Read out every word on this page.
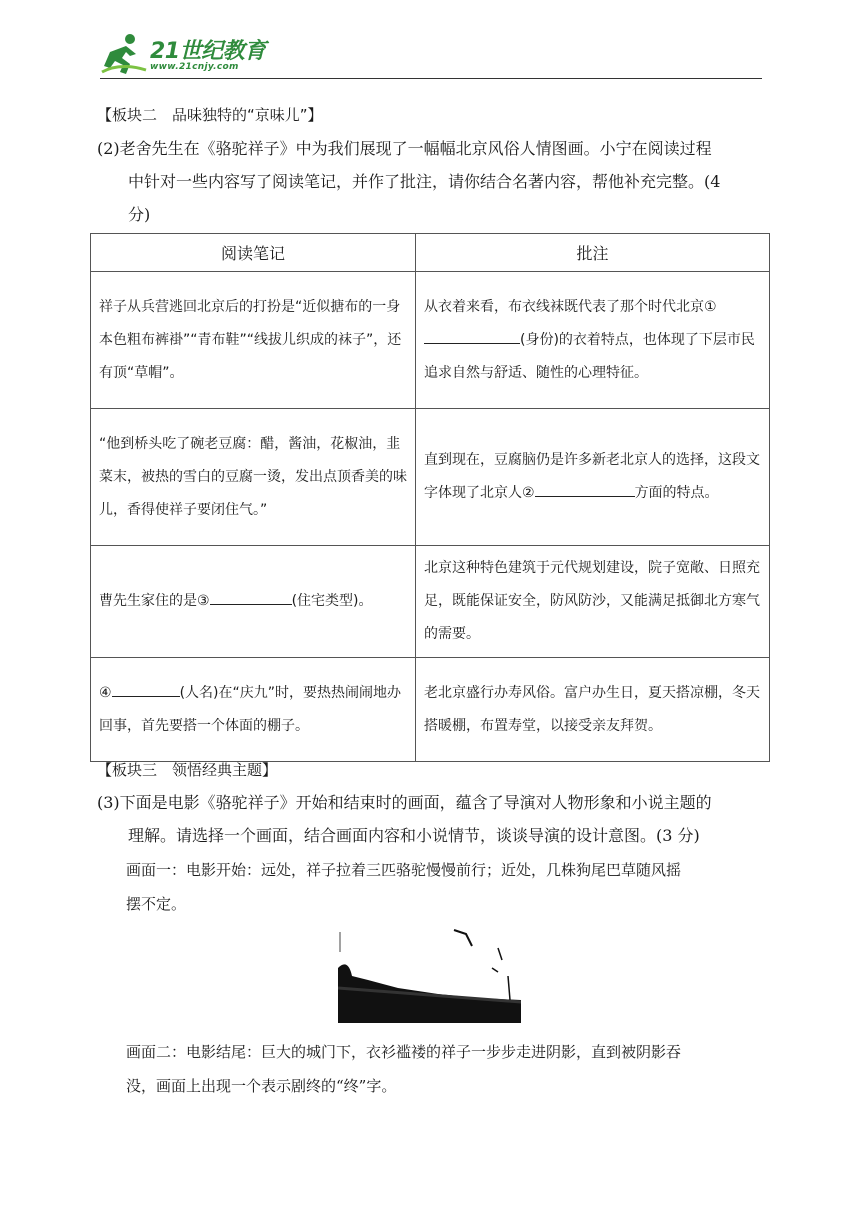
21世纪教育
www.21cnjy.com
【板块二　品味独特的“京味儿”】
(2)老舍先生在《骆驼祥子》中为我们展现了一幅幅北京风俗人情图画。小宁在阅读过程
中针对一些内容写了阅读笔记，并作了批注，请你结合名著内容，帮他补充完整。(4
分)
阅读笔记	批注
祥子从兵营逃回北京后的打扮是“近似搪布的一身本色粗布裤褂”“青布鞋”“线拔儿织成的袜子”，还有顶“草帽”。	从衣着来看，布衣线袜既代表了那个时代北京①(身份)的衣着特点，也体现了下层市民追求自然与舒适、随性的心理特征。
“他到桥头吃了碗老豆腐：醋，酱油，花椒油，韭菜末，被热的雪白的豆腐一烫，发出点顶香美的味儿，香得使祥子要闭住气。”	直到现在，豆腐脑仍是许多新老北京人的选择，这段文字体现了北京人② 方面的特点。
曹先生家住的是③ (住宅类型)。	北京这种特色建筑于元代规划建设，院子宽敞、日照充足，既能保证安全，防风防沙，又能满足抵御北方寒气的需要。
④ (人名)在“庆九”时，要热热闹闹地办回事，首先要搭一个体面的棚子。	老北京盛行办寿风俗。富户办生日，夏天搭凉棚，冬天搭暖棚，布置寿堂，以接受亲友拜贺。
【板块三　领悟经典主题】
(3)下面是电影《骆驼祥子》开始和结束时的画面，蕴含了导演对人物形象和小说主题的
理解。请选择一个画面，结合画面内容和小说情节，谈谈导演的设计意图。(3 分)
画面一：电影开始：远处，祥子拉着三匹骆驼慢慢前行；近处，几株狗尾巴草随风摇
摆不定。
画面二：电影结尾：巨大的城门下，衣衫褴褛的祥子一步步走进阴影，直到被阴影吞
没，画面上出现一个表示剧终的“终”字。
